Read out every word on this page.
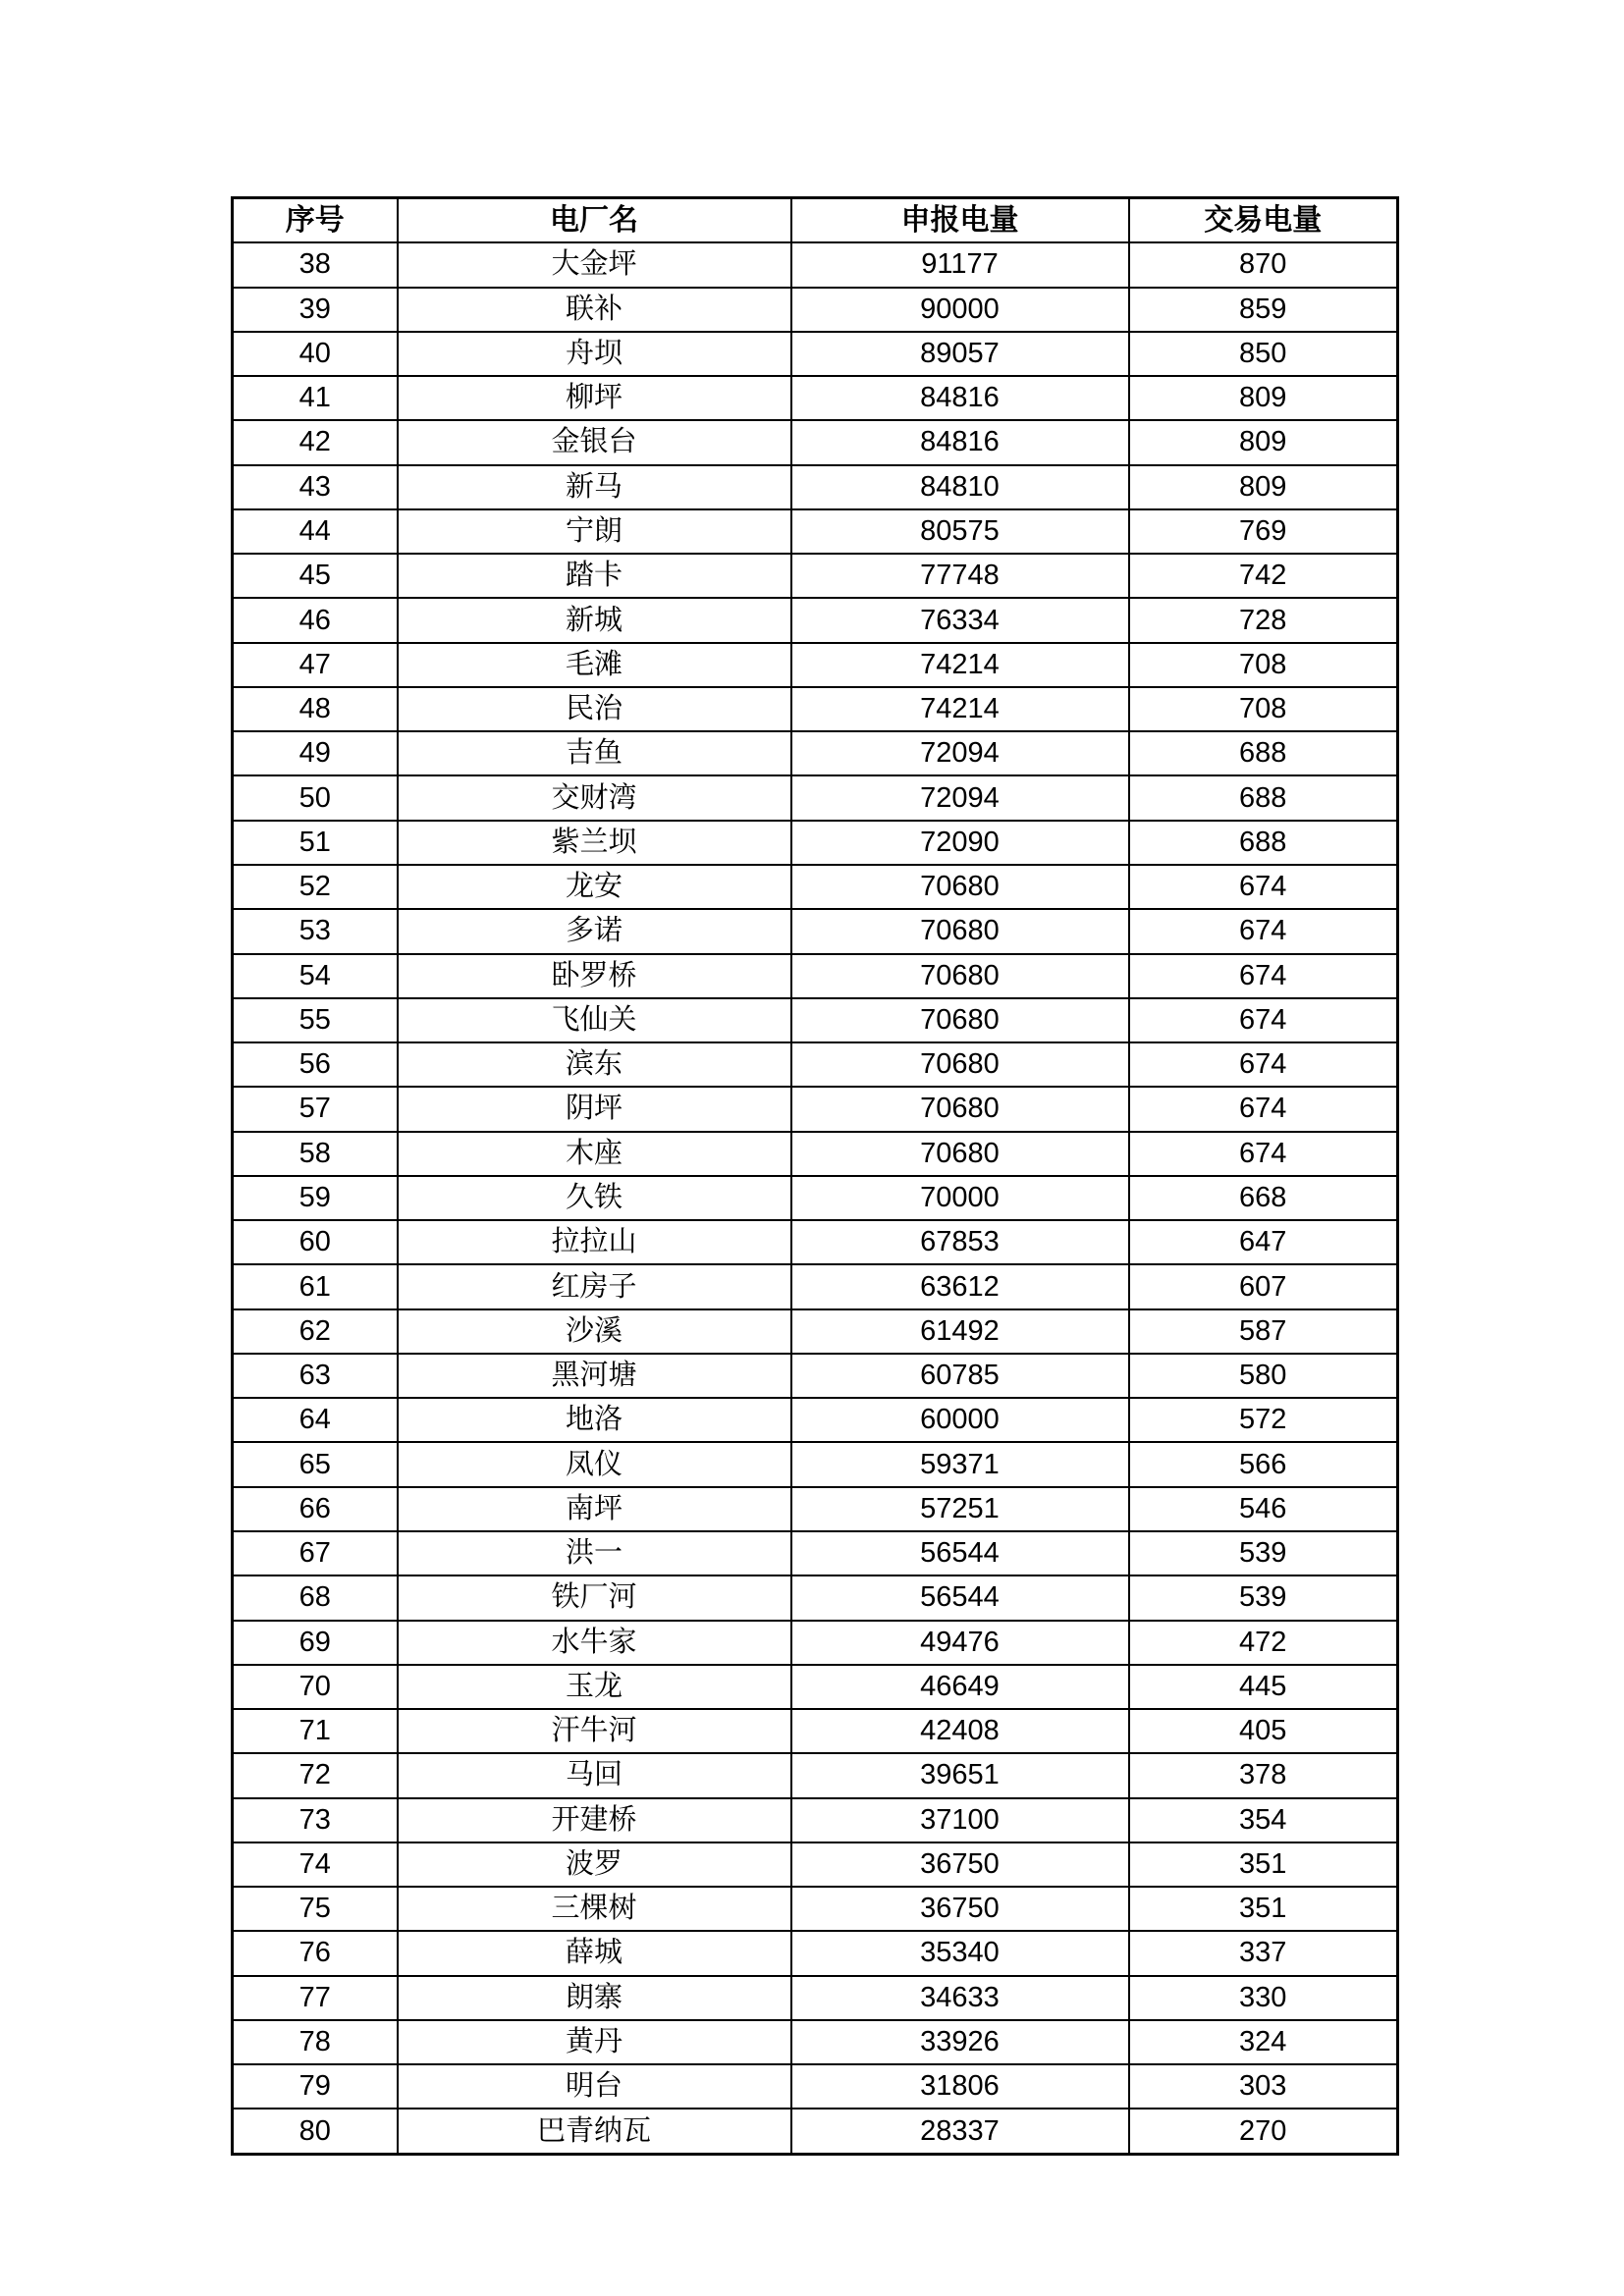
序号	电厂名	申报电量	交易电量
38	大金坪	91177	870
39	联补	90000	859
40	舟坝	89057	850
41	柳坪	84816	809
42	金银台	84816	809
43	新马	84810	809
44	宁朗	80575	769
45	踏卡	77748	742
46	新城	76334	728
47	毛滩	74214	708
48	民治	74214	708
49	吉鱼	72094	688
50	交财湾	72094	688
51	紫兰坝	72090	688
52	龙安	70680	674
53	多诺	70680	674
54	卧罗桥	70680	674
55	飞仙关	70680	674
56	滨东	70680	674
57	阴坪	70680	674
58	木座	70680	674
59	久铁	70000	668
60	拉拉山	67853	647
61	红房子	63612	607
62	沙溪	61492	587
63	黑河塘	60785	580
64	地洛	60000	572
65	凤仪	59371	566
66	南坪	57251	546
67	洪一	56544	539
68	铁厂河	56544	539
69	水牛家	49476	472
70	玉龙	46649	445
71	汗牛河	42408	405
72	马回	39651	378
73	开建桥	37100	354
74	波罗	36750	351
75	三棵树	36750	351
76	薛城	35340	337
77	朗寨	34633	330
78	黄丹	33926	324
79	明台	31806	303
80	巴青纳瓦	28337	270
